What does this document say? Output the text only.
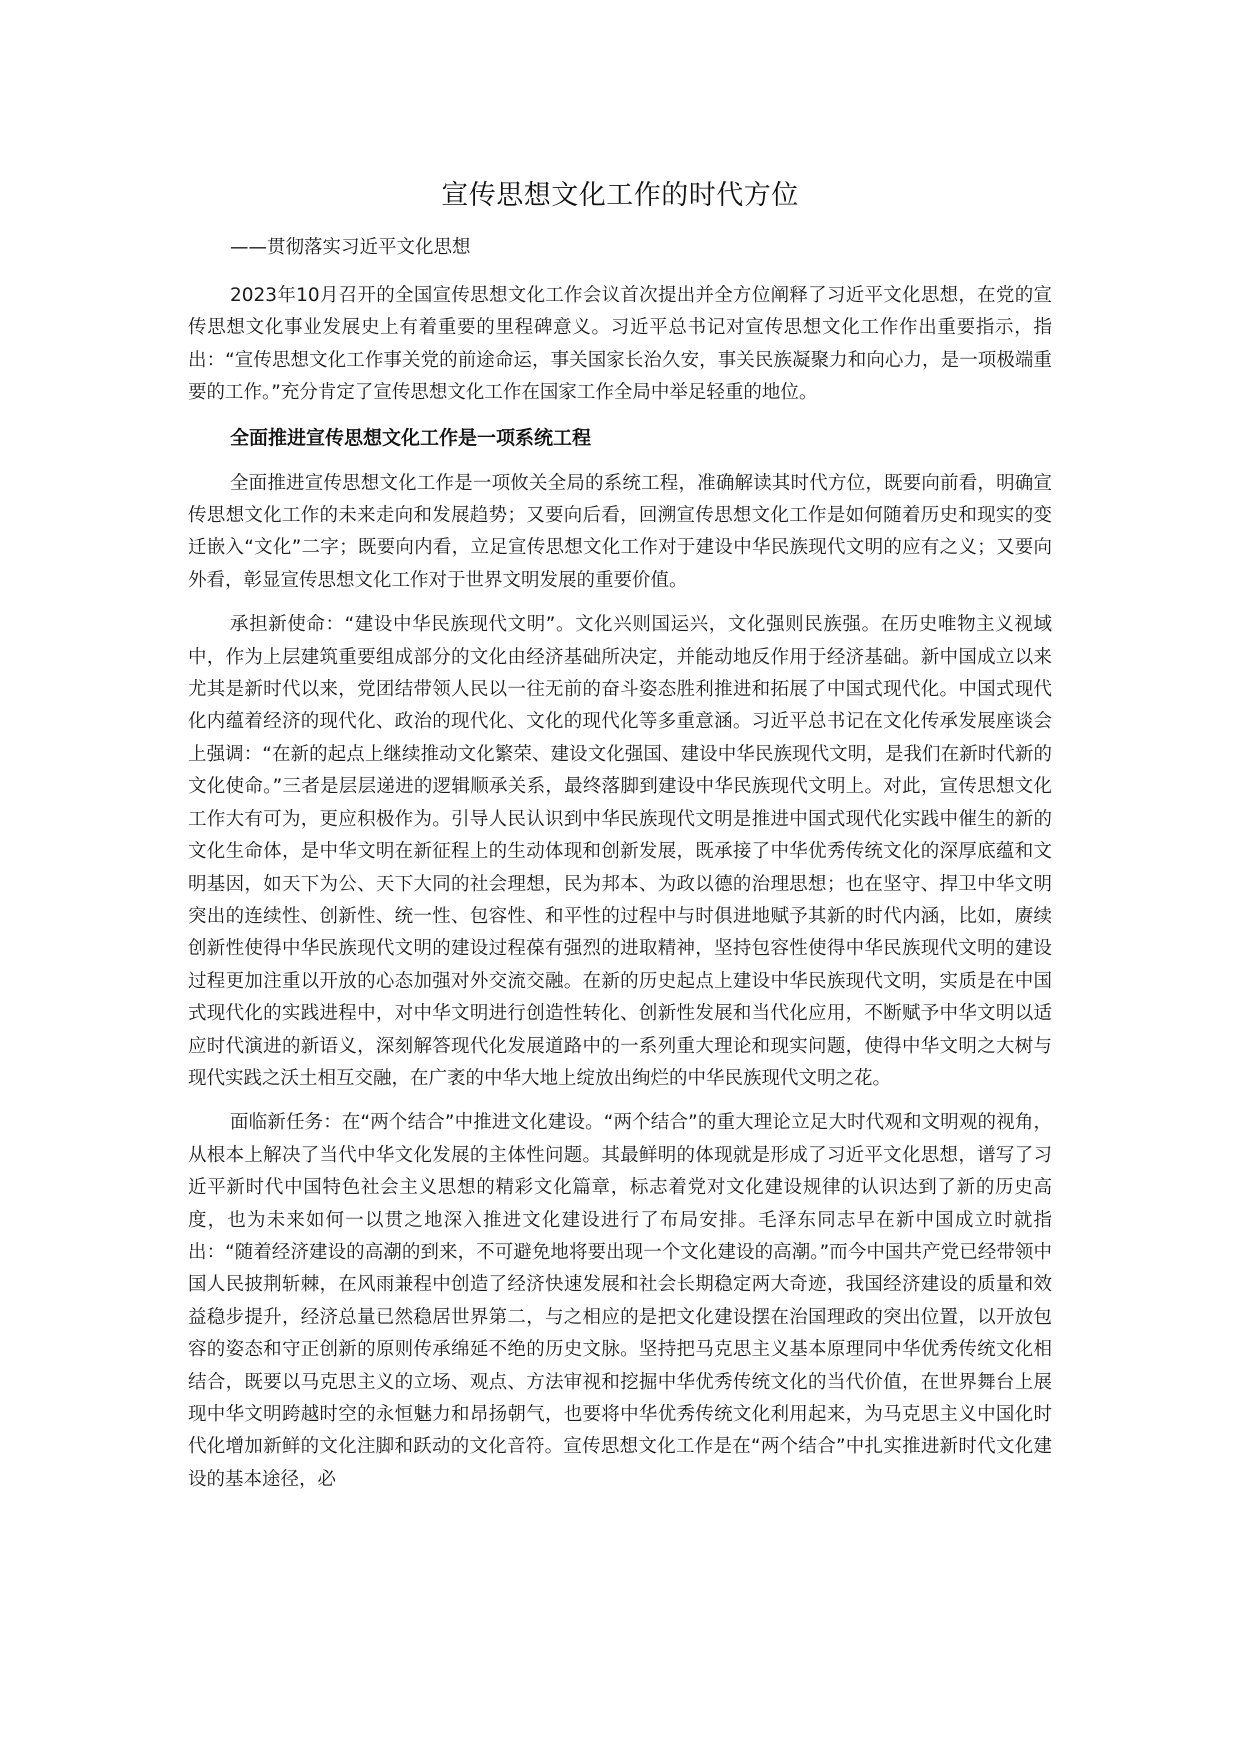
宣传思想文化工作的时代方位
——贯彻落实习近平文化思想

2023年10月召开的全国宣传思想文化工作会议首次提出并全方位阐释了习近平文化思想，在党的宣传思想文化事业发展史上有着重要的里程碑意义。习近平总书记对宣传思想文化工作作出重要指示，指出：“宣传思想文化工作事关党的前途命运，事关国家长治久安，事关民族凝聚力和向心力，是一项极端重要的工作。”充分肯定了宣传思想文化工作在国家工作全局中举足轻重的地位。

全面推进宣传思想文化工作是一项系统工程

全面推进宣传思想文化工作是一项攸关全局的系统工程，准确解读其时代方位，既要向前看，明确宣传思想文化工作的未来走向和发展趋势；又要向后看，回溯宣传思想文化工作是如何随着历史和现实的变迁嵌入“文化”二字；既要向内看，立足宣传思想文化工作对于建设中华民族现代文明的应有之义；又要向外看，彰显宣传思想文化工作对于世界文明发展的重要价值。

承担新使命：“建设中华民族现代文明”。文化兴则国运兴，文化强则民族强。在历史唯物主义视域中，作为上层建筑重要组成部分的文化由经济基础所决定，并能动地反作用于经济基础。新中国成立以来尤其是新时代以来，党团结带领人民以一往无前的奋斗姿态胜利推进和拓展了中国式现代化。中国式现代化内蕴着经济的现代化、政治的现代化、文化的现代化等多重意涵。习近平总书记在文化传承发展座谈会上强调：“在新的起点上继续推动文化繁荣、建设文化强国、建设中华民族现代文明，是我们在新时代新的文化使命。”三者是层层递进的逻辑顺承关系，最终落脚到建设中华民族现代文明上。对此，宣传思想文化工作大有可为，更应积极作为。引导人民认识到中华民族现代文明是推进中国式现代化实践中催生的新的文化生命体，是中华文明在新征程上的生动体现和创新发展，既承接了中华优秀传统文化的深厚底蕴和文明基因，如天下为公、天下大同的社会理想，民为邦本、为政以德的治理思想；也在坚守、捍卫中华文明突出的连续性、创新性、统一性、包容性、和平性的过程中与时俱进地赋予其新的时代内涵，比如，赓续创新性使得中华民族现代文明的建设过程葆有强烈的进取精神，坚持包容性使得中华民族现代文明的建设过程更加注重以开放的心态加强对外交流交融。在新的历史起点上建设中华民族现代文明，实质是在中国式现代化的实践进程中，对中华文明进行创造性转化、创新性发展和当代化应用，不断赋予中华文明以适应时代演进的新语义，深刻解答现代化发展道路中的一系列重大理论和现实问题，使得中华文明之大树与现代实践之沃土相互交融，在广袤的中华大地上绽放出绚烂的中华民族现代文明之花。

面临新任务：在“两个结合”中推进文化建设。“两个结合”的重大理论立足大时代观和文明观的视角，从根本上解决了当代中华文化发展的主体性问题。其最鲜明的体现就是形成了习近平文化思想，谱写了习近平新时代中国特色社会主义思想的精彩文化篇章，标志着党对文化建设规律的认识达到了新的历史高度，也为未来如何一以贯之地深入推进文化建设进行了布局安排。毛泽东同志早在新中国成立时就指出：“随着经济建设的高潮的到来，不可避免地将要出现一个文化建设的高潮。”而今中国共产党已经带领中国人民披荆斩棘，在风雨兼程中创造了经济快速发展和社会长期稳定两大奇迹，我国经济建设的质量和效益稳步提升，经济总量已然稳居世界第二，与之相应的是把文化建设摆在治国理政的突出位置，以开放包容的姿态和守正创新的原则传承绵延不绝的历史文脉。坚持把马克思主义基本原理同中华优秀传统文化相结合，既要以马克思主义的立场、观点、方法审视和挖掘中华优秀传统文化的当代价值，在世界舞台上展现中华文明跨越时空的永恒魅力和昂扬朝气，也要将中华优秀传统文化利用起来，为马克思主义中国化时代化增加新鲜的文化注脚和跃动的文化音符。宣传思想文化工作是在“两个结合”中扎实推进新时代文化建设的基本途径，必
